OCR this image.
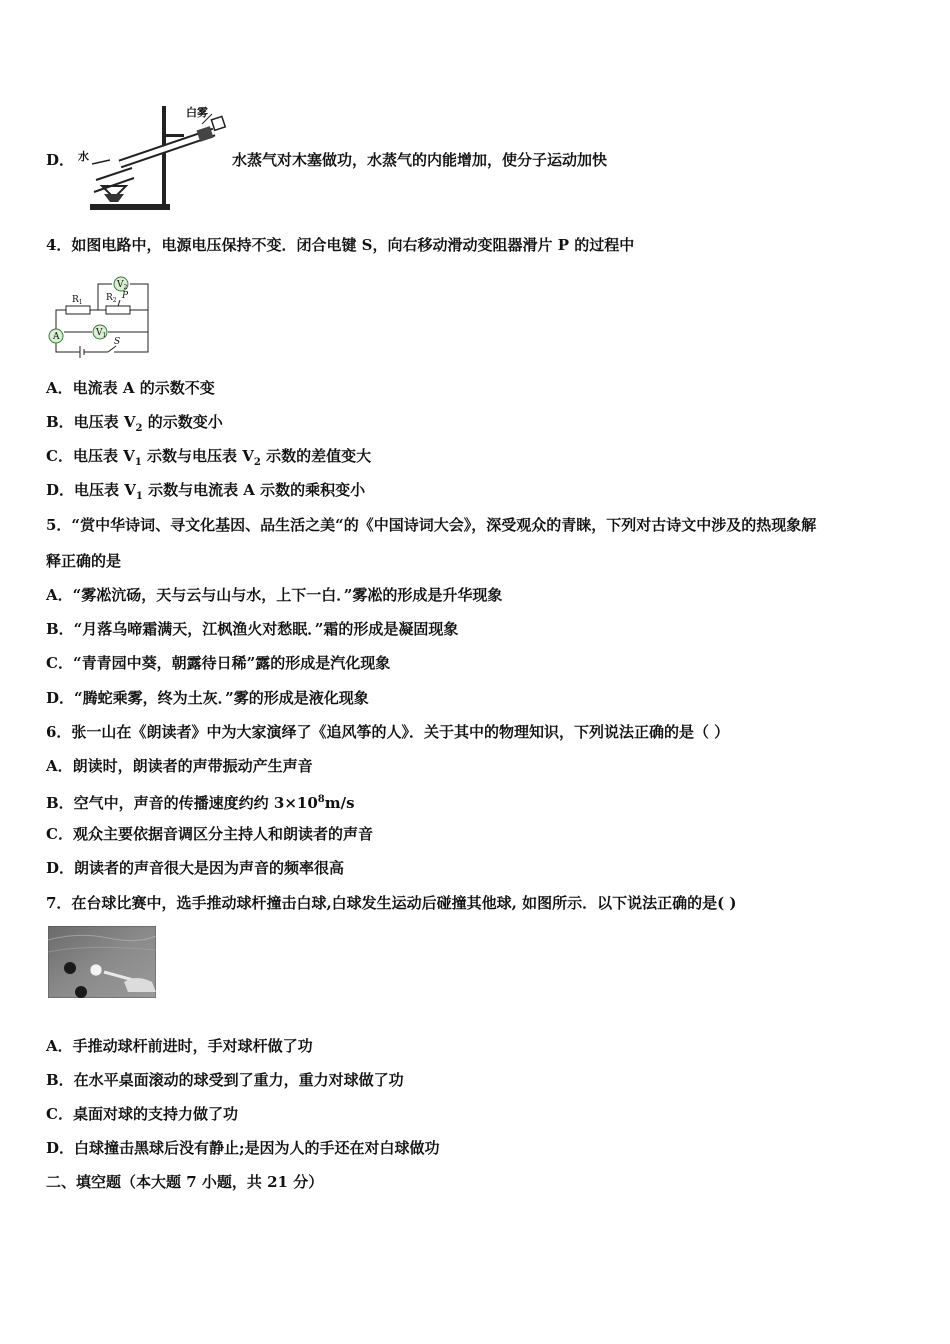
D．
白雾
水	水蒸气对木塞做功，水蒸气的内能增加，使分子运动加快
4．如图电路中，电源电压保持不变．闭合电键 S，向右移动滑动变阻器滑片 P 的过程中
A	$V_1$
$V_2$
$R_1$	$R_2$ P
S
A．电流表 A 的示数不变
B．电压表 $V_2$ 的示数变小
C．电压表 $V_1$ 示数与电压表 $V_2$ 示数的差值变大
D．电压表 $V_1$ 示数与电流表 A 示数的乘积变小
5．“赏中华诗词、寻文化基因、品生活之美“的《中国诗词大会》，深受观众的青睐，下列对古诗文中涉及的热现象解
释正确的是
A．“雾凇沆砀，天与云与山与水，上下一白．”雾凇的形成是升华现象
B．“月落乌啼霜满天，江枫渔火对愁眠．”霜的形成是凝固现象
C．“青青园中葵，朝露待日稀”露的形成是汽化现象
D．“腾蛇乘雾，终为土灰．”雾的形成是液化现象
6．张一山在《朗读者》中为大家演绎了《追风筝的人》．关于其中的物理知识，下列说法正确的是（ ）
A．朗读时，朗读者的声带振动产生声音
B．空气中，声音的传播速度约约 $3\times 10^8m/s$
C．观众主要依据音调区分主持人和朗读者的声音
D．朗读者的声音很大是因为声音的频率很高
7．在台球比赛中，选手推动球杆撞击白球,白球发生运动后碰撞其他球, 如图所示．以下说法正确的是( )
A．手推动球杆前进时，手对球杆做了功
B．在水平桌面滚动的球受到了重力，重力对球做了功
C．桌面对球的支持力做了功
D．白球撞击黑球后没有静止;是因为人的手还在对白球做功
二、填空题（本大题 7 小题，共 21 分）
